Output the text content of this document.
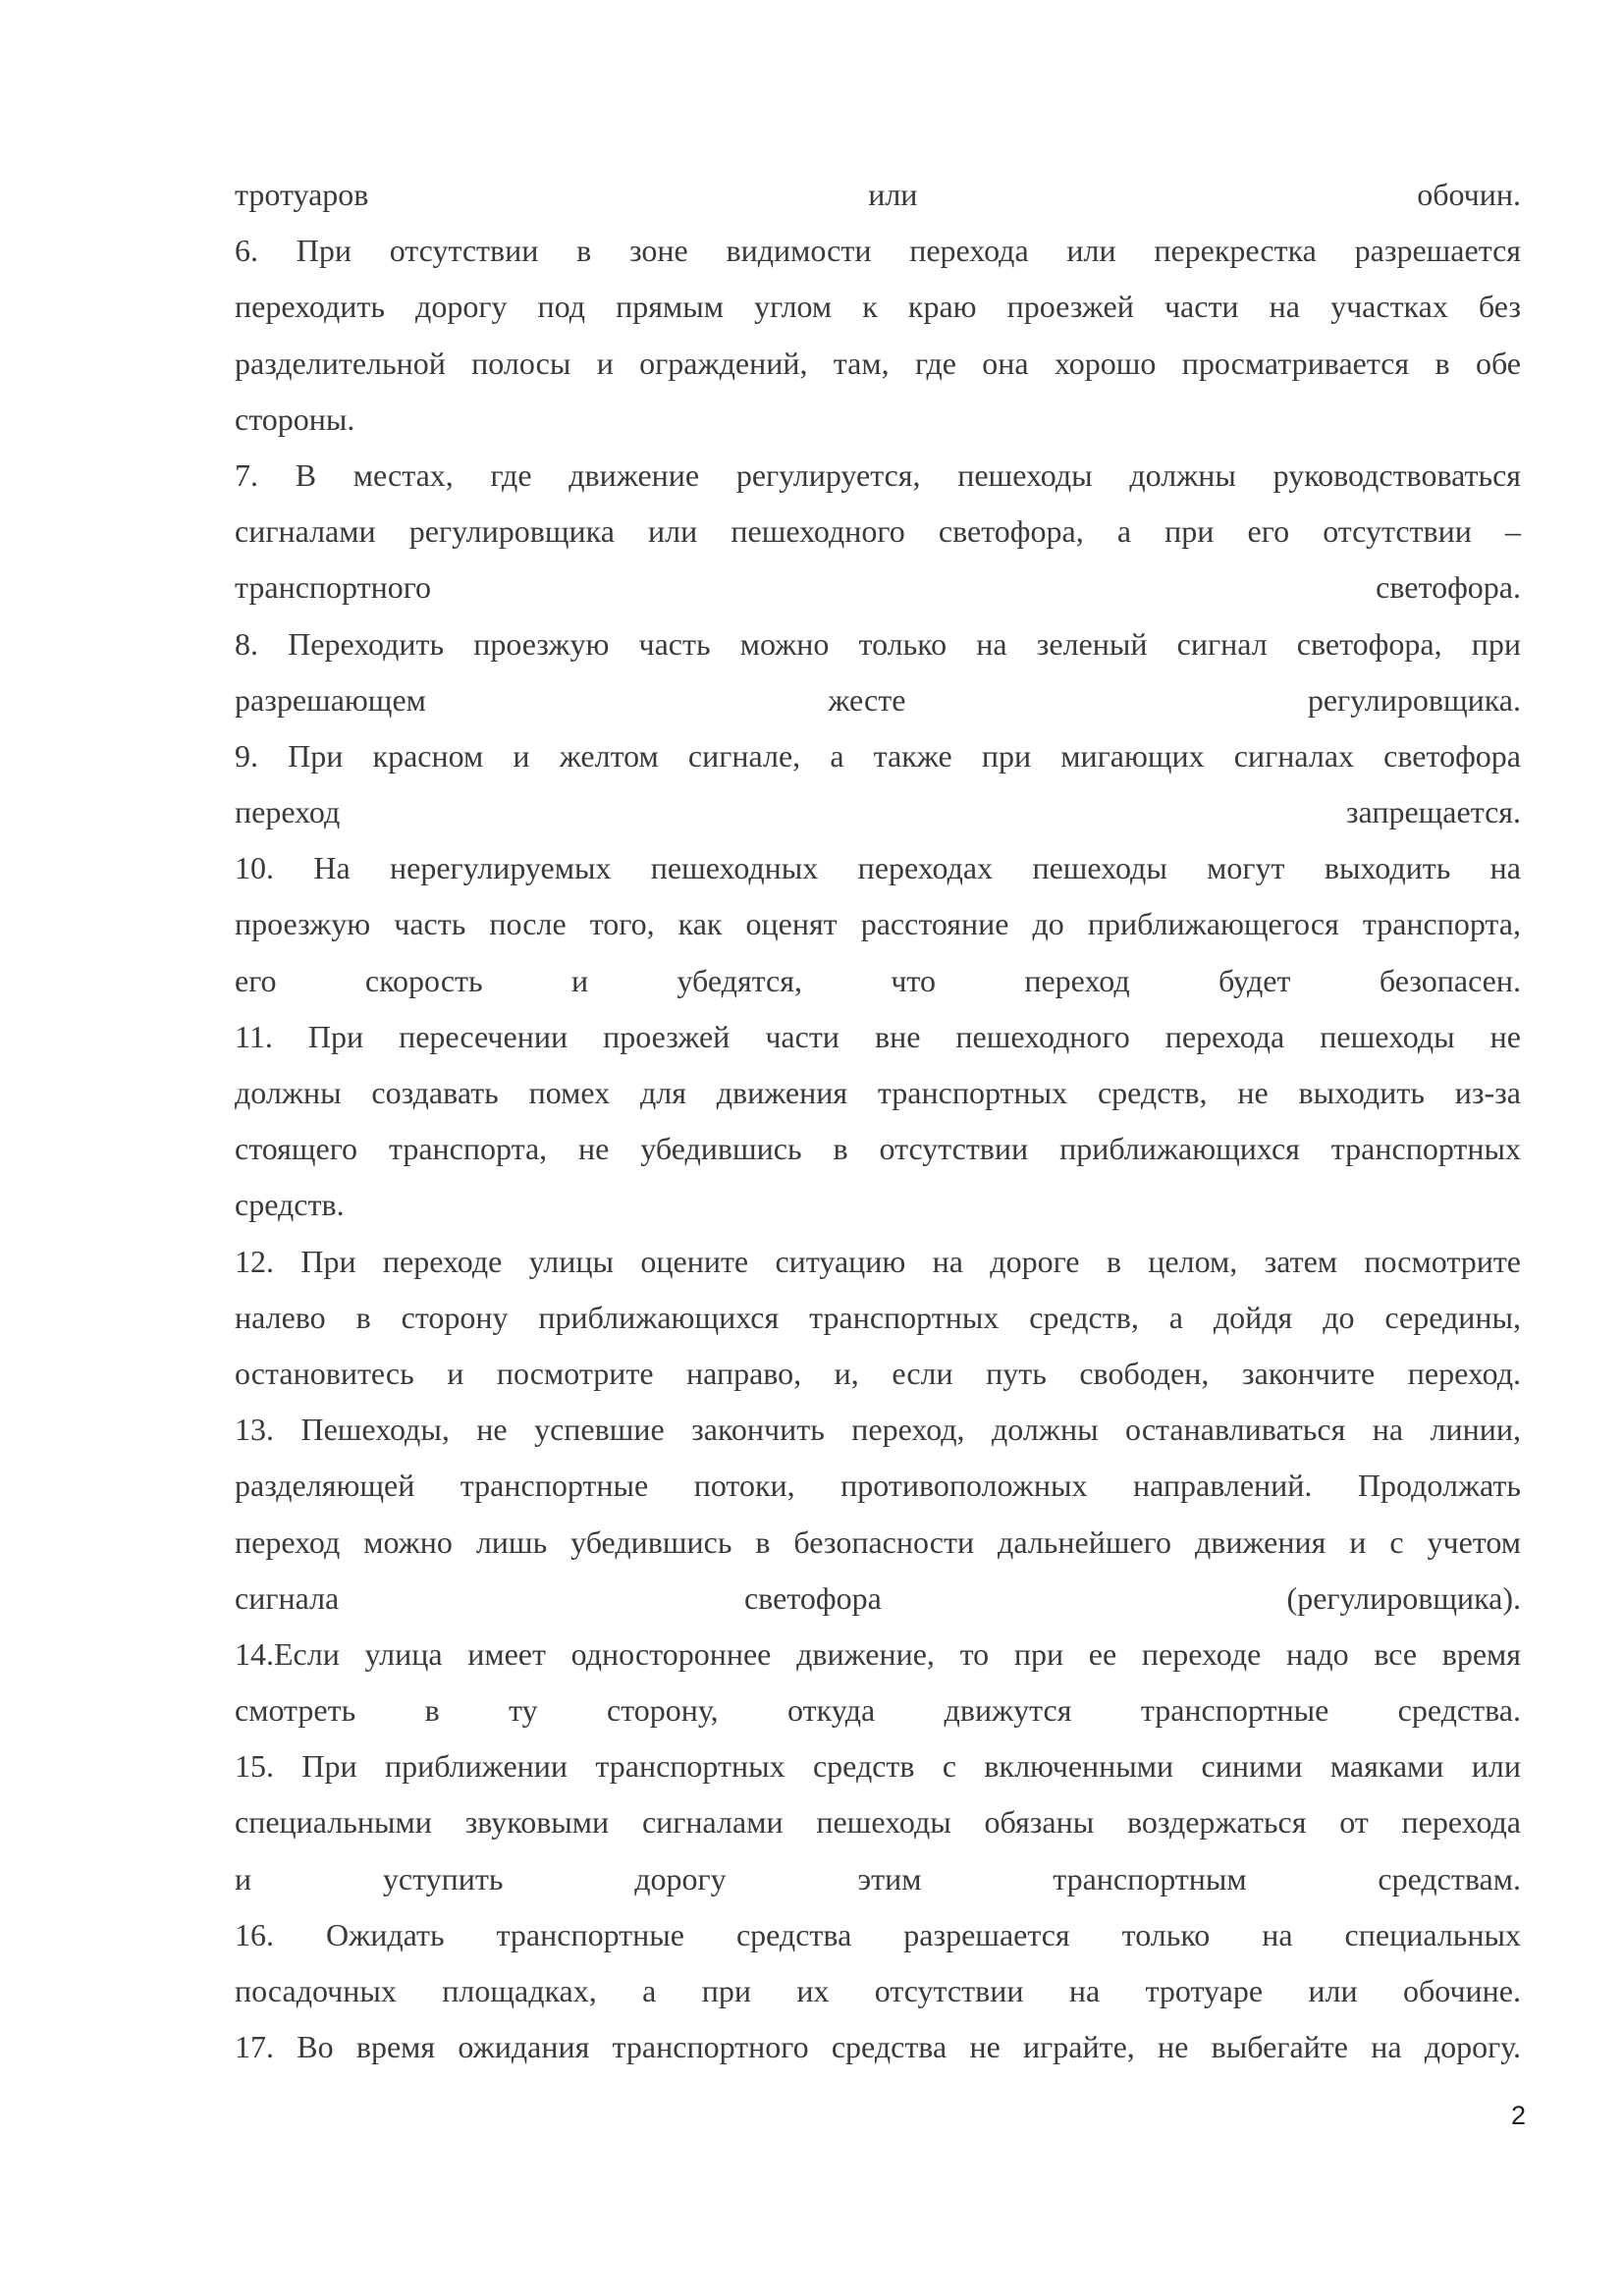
тротуаров или обочин.
6. При отсутствии в зоне видимости перехода или перекрестка разрешается
переходить дорогу под прямым углом к краю проезжей части на участках без
разделительной полосы и ограждений, там, где она хорошо просматривается в обе
стороны.
7. В местах, где движение регулируется, пешеходы должны руководствоваться
сигналами регулировщика или пешеходного светофора, а при его отсутствии –
транспортного светофора.
8. Переходить проезжую часть можно только на зеленый сигнал светофора, при
разрешающем жесте регулировщика.
9. При красном и желтом сигнале, а также при мигающих сигналах светофора
переход запрещается.
10. На нерегулируемых пешеходных переходах пешеходы могут выходить на
проезжую часть после того, как оценят расстояние до приближающегося транспорта,
его скорость и убедятся, что переход будет безопасен.
11. При пересечении проезжей части вне пешеходного перехода пешеходы не
должны создавать помех для движения транспортных средств, не выходить из-за
стоящего транспорта, не убедившись в отсутствии приближающихся транспортных
средств.
12. При переходе улицы оцените ситуацию на дороге в целом, затем посмотрите
налево в сторону приближающихся транспортных средств, а дойдя до середины,
остановитесь и посмотрите направо, и, если путь свободен, закончите переход.
13. Пешеходы, не успевшие закончить переход, должны останавливаться на линии,
разделяющей транспортные потоки, противоположных направлений. Продолжать
переход можно лишь убедившись в безопасности дальнейшего движения и с учетом
сигнала светофора (регулировщика).
14.Если улица имеет одностороннее движение, то при ее переходе надо все время
смотреть в ту сторону, откуда движутся транспортные средства.
15. При приближении транспортных средств с включенными синими маяками или
специальными звуковыми сигналами пешеходы обязаны воздержаться от перехода
и уступить дорогу этим транспортным средствам.
16. Ожидать транспортные средства разрешается только на специальных
посадочных площадках, а при их отсутствии на тротуаре или обочине.
17. Во время ожидания транспортного средства не играйте, не выбегайте на дорогу.
2
